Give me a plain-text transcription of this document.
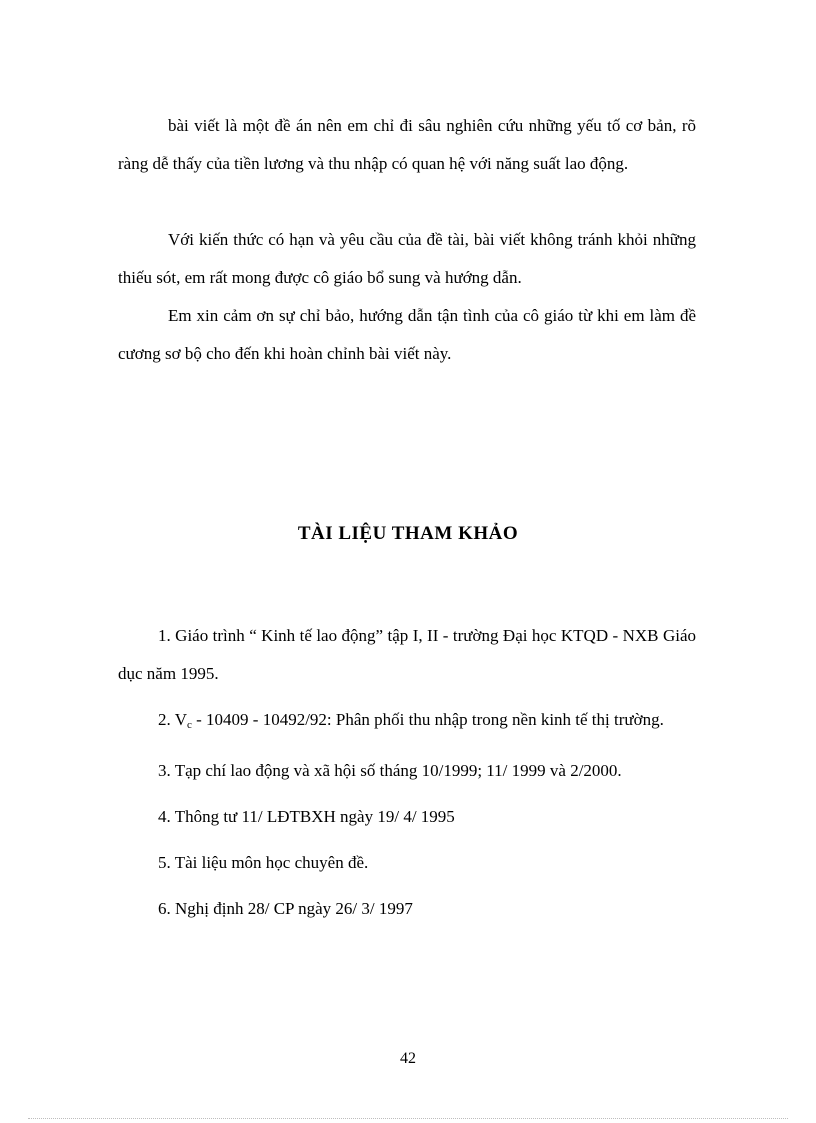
bài viết là một đề án nên em chỉ đi sâu nghiên cứu những yếu tố cơ bản, rõ ràng dễ thấy của tiền lương và thu nhập có quan hệ với năng suất lao động.

Với kiến thức có hạn và yêu cầu của đề tài, bài viết không tránh khỏi những thiếu sót, em rất mong được cô giáo bổ sung và hướng dẫn.

Em xin cảm ơn sự chỉ bảo, hướng dẫn tận tình của cô giáo từ khi em làm đề cương sơ bộ cho đến khi hoàn chỉnh bài viết này.

TÀI LIỆU THAM KHẢO
1. Giáo trình “ Kinh tế lao động” tập I, II - trường Đại học KTQD - NXB Giáo dục năm 1995.
2. $V_c - 10409 - 10492/92$: Phân phối thu nhập trong nền kinh tế thị trường.
3. Tạp chí lao động và xã hội số tháng 10/1999; 11/ 1999 và 2/2000.
4. Thông tư 11/ LĐTBXH ngày 19/ 4/ 1995
5. Tài liệu môn học chuyên đề.
6. Nghị định 28/ CP ngày 26/ 3/ 1997
42
